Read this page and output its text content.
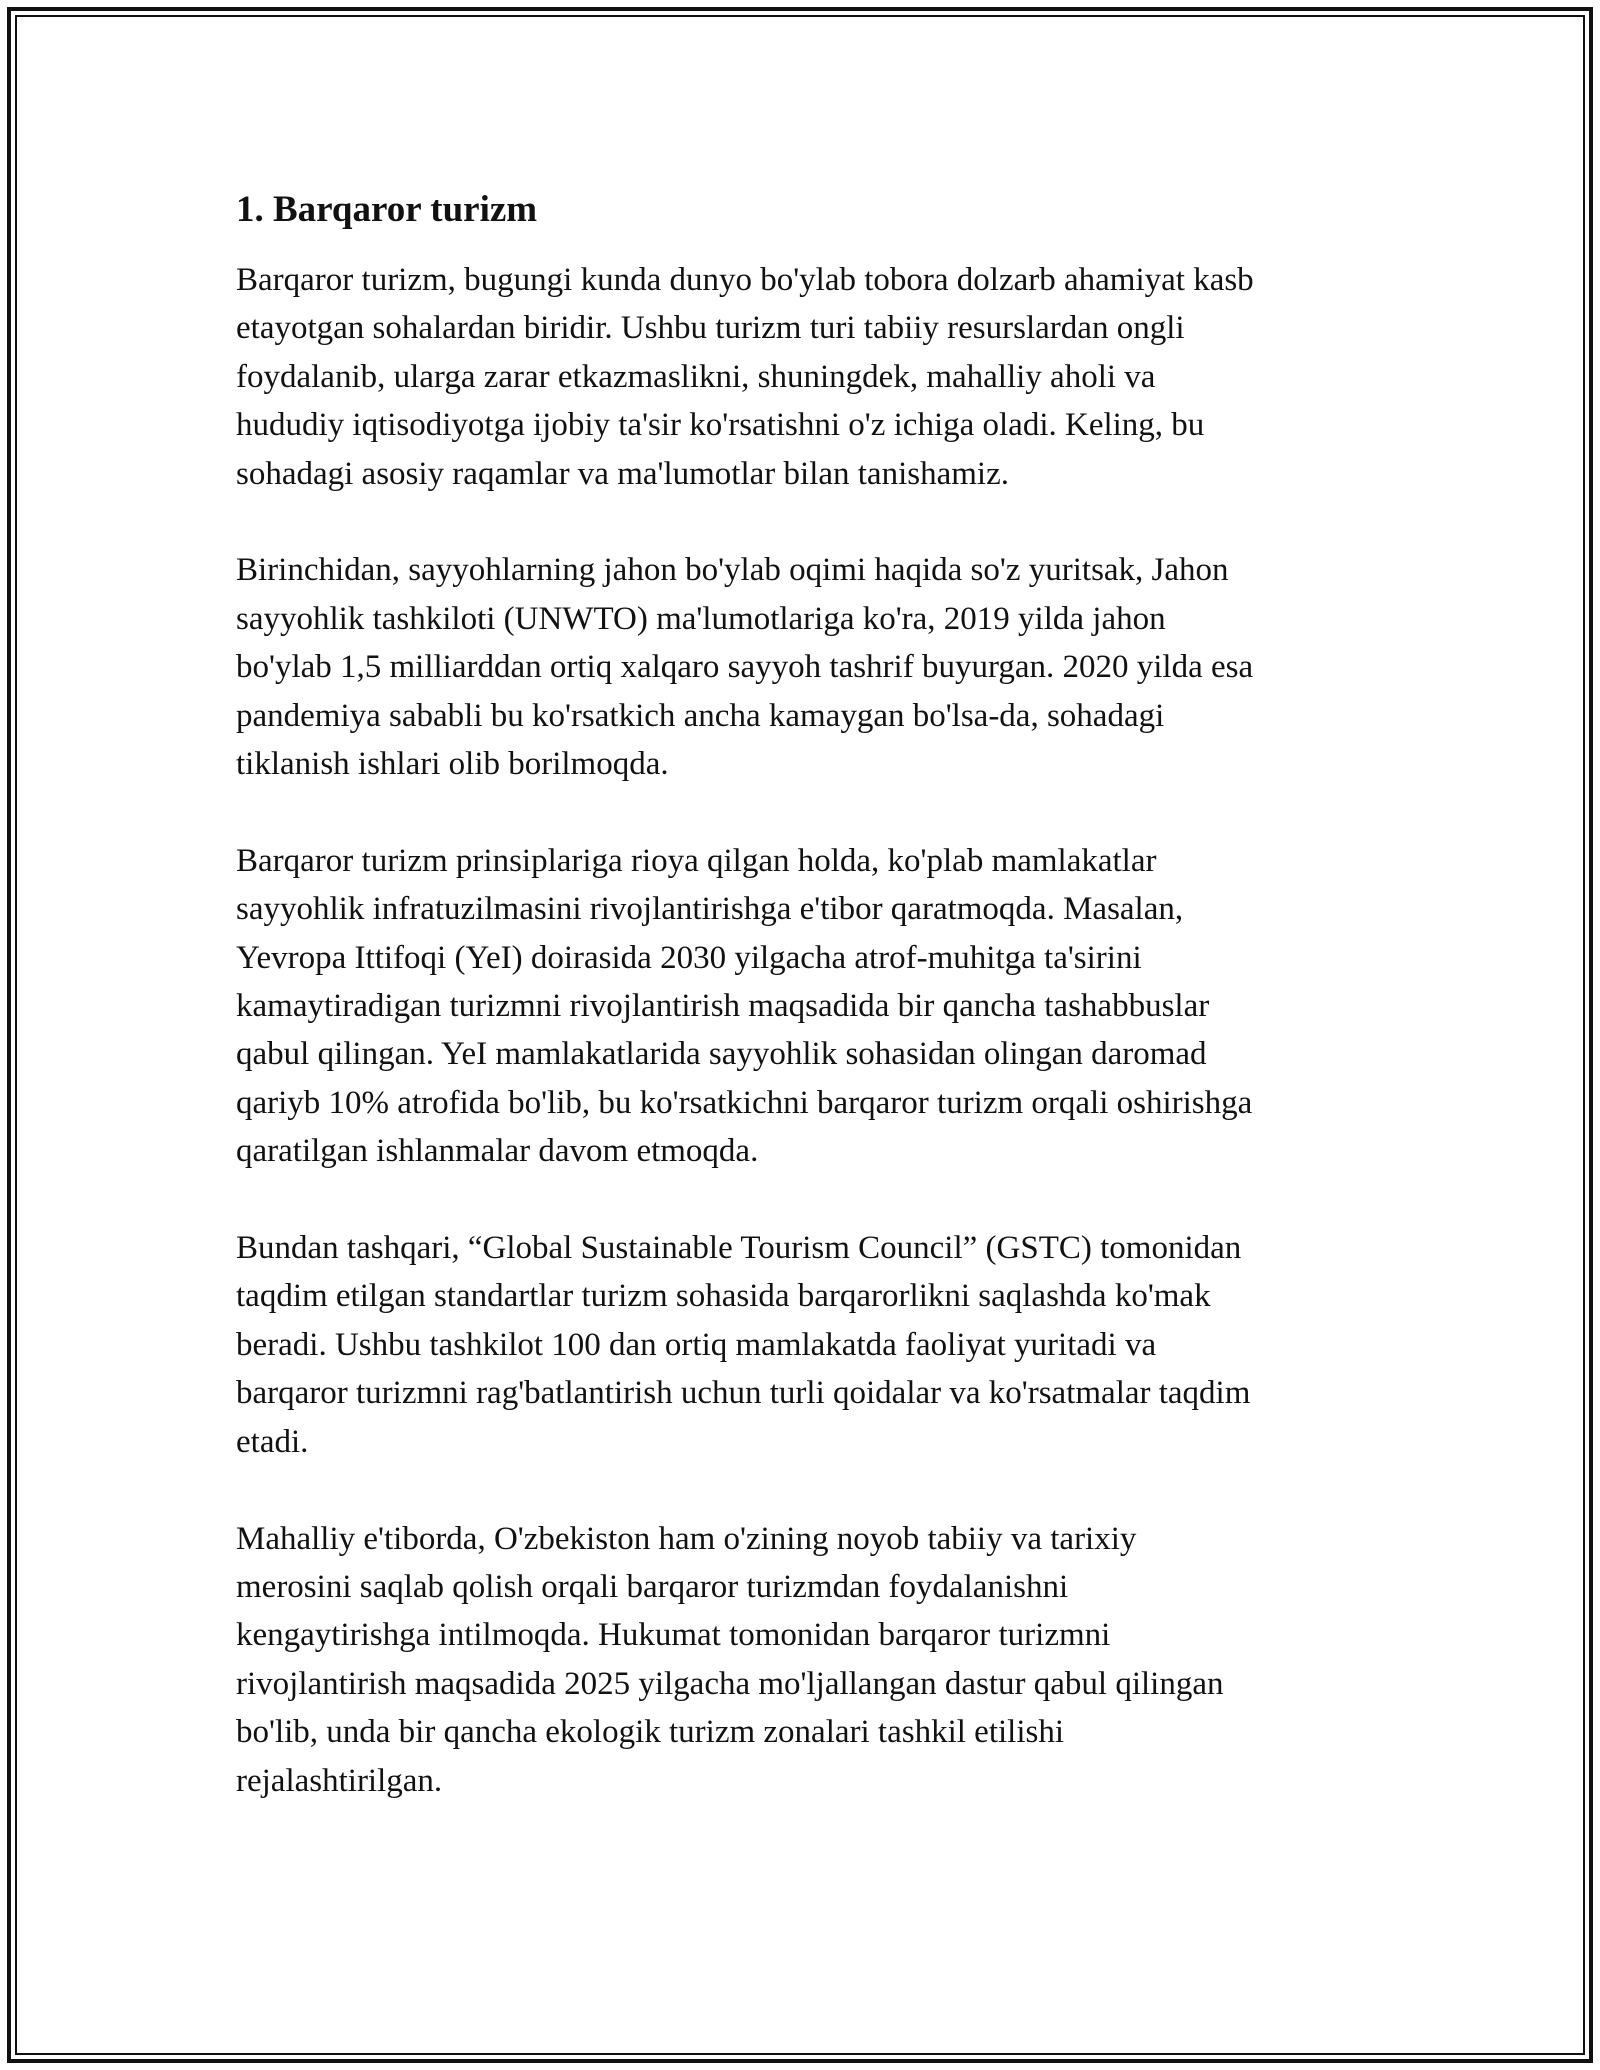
1. Barqaror turizm

Barqaror turizm, bugungi kunda dunyo bo'ylab tobora dolzarb ahamiyat kasb
etayotgan sohalardan biridir. Ushbu turizm turi tabiiy resurslardan ongli
foydalanib, ularga zarar etkazmaslikni, shuningdek, mahalliy aholi va
hududiy iqtisodiyotga ijobiy ta'sir ko'rsatishni o'z ichiga oladi. Keling, bu
sohadagi asosiy raqamlar va ma'lumotlar bilan tanishamiz.

Birinchidan, sayyohlarning jahon bo'ylab oqimi haqida so'z yuritsak, Jahon
sayyohlik tashkiloti (UNWTO) ma'lumotlariga ko'ra, 2019 yilda jahon
bo'ylab 1,5 milliarddan ortiq xalqaro sayyoh tashrif buyurgan. 2020 yilda esa
pandemiya sababli bu ko'rsatkich ancha kamaygan bo'lsa-da, sohadagi
tiklanish ishlari olib borilmoqda.

Barqaror turizm prinsiplariga rioya qilgan holda, ko'plab mamlakatlar
sayyohlik infratuzilmasini rivojlantirishga e'tibor qaratmoqda. Masalan,
Yevropa Ittifoqi (YeI) doirasida 2030 yilgacha atrof-muhitga ta'sirini
kamaytiradigan turizmni rivojlantirish maqsadida bir qancha tashabbuslar
qabul qilingan. YeI mamlakatlarida sayyohlik sohasidan olingan daromad
qariyb 10% atrofida bo'lib, bu ko'rsatkichni barqaror turizm orqali oshirishga
qaratilgan ishlanmalar davom etmoqda.

Bundan tashqari, “Global Sustainable Tourism Council” (GSTC) tomonidan
taqdim etilgan standartlar turizm sohasida barqarorlikni saqlashda ko'mak
beradi. Ushbu tashkilot 100 dan ortiq mamlakatda faoliyat yuritadi va
barqaror turizmni rag'batlantirish uchun turli qoidalar va ko'rsatmalar taqdim
etadi.

Mahalliy e'tiborda, O'zbekiston ham o'zining noyob tabiiy va tarixiy
merosini saqlab qolish orqali barqaror turizmdan foydalanishni
kengaytirishga intilmoqda. Hukumat tomonidan barqaror turizmni
rivojlantirish maqsadida 2025 yilgacha mo'ljallangan dastur qabul qilingan
bo'lib, unda bir qancha ekologik turizm zonalari tashkil etilishi
rejalashtirilgan.
